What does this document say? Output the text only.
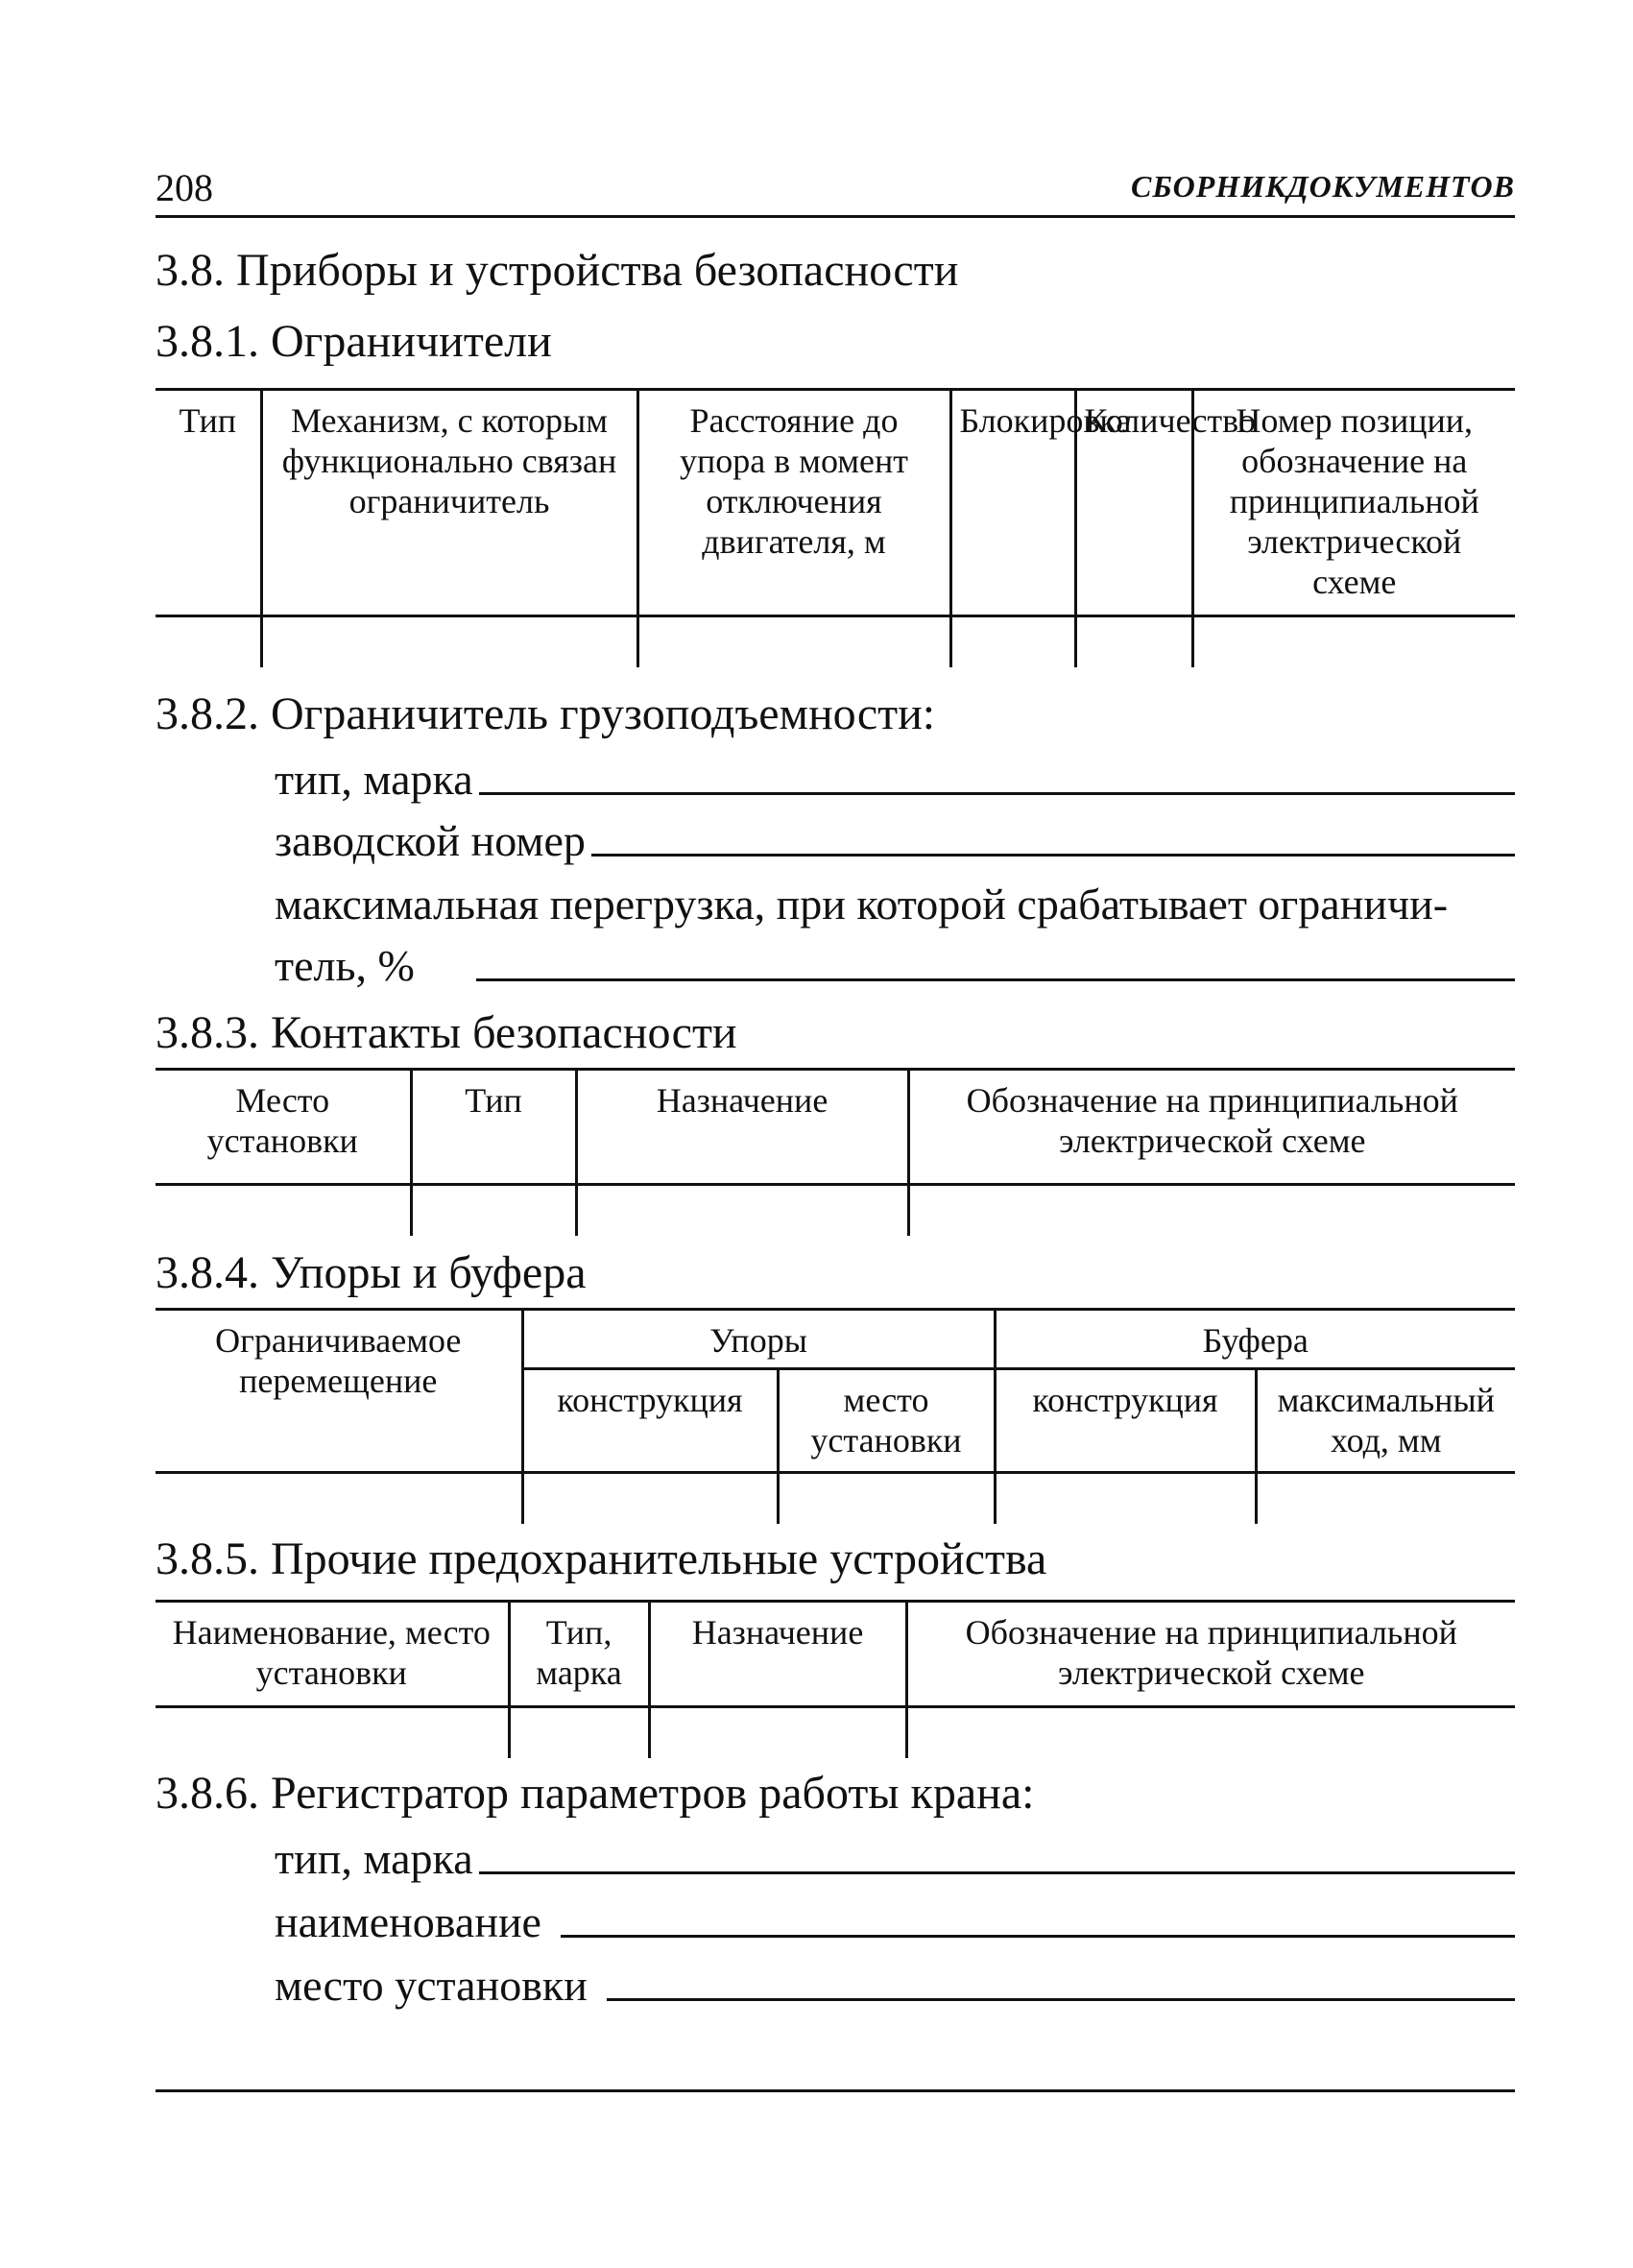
208	СБОРНИКДОКУМЕНТОВ
3.8. Приборы и устройства безопасности
3.8.1. Ограничители
Тип	Механизм, с которым функционально связан ограничитель	Расстояние до упора в момент отключения двигателя, м	Блокировка	Количество	Номер позиции, обозначение на принципиальной электрической схеме

3.8.2. Ограничитель грузоподъемности:
тип, марка
заводской номер
максимальная перегрузка, при которой срабатывает ограничи-
тель, %
3.8.3. Контакты безопасности
Место установки	Тип	Назначение	Обозначение на принципиальной электрической схеме

3.8.4. Упоры и буфера
Ограничиваемое перемещение	Упоры		Буфера	
	конструкция	место установки	конструкция	максимальный ход, мм

3.8.5. Прочие предохранительные устройства
Наименование, место установки	Тип, марка	Назначение	Обозначение на принципиальной электрической схеме

3.8.6. Регистратор параметров работы крана:
тип, марка
наименование
место установки
